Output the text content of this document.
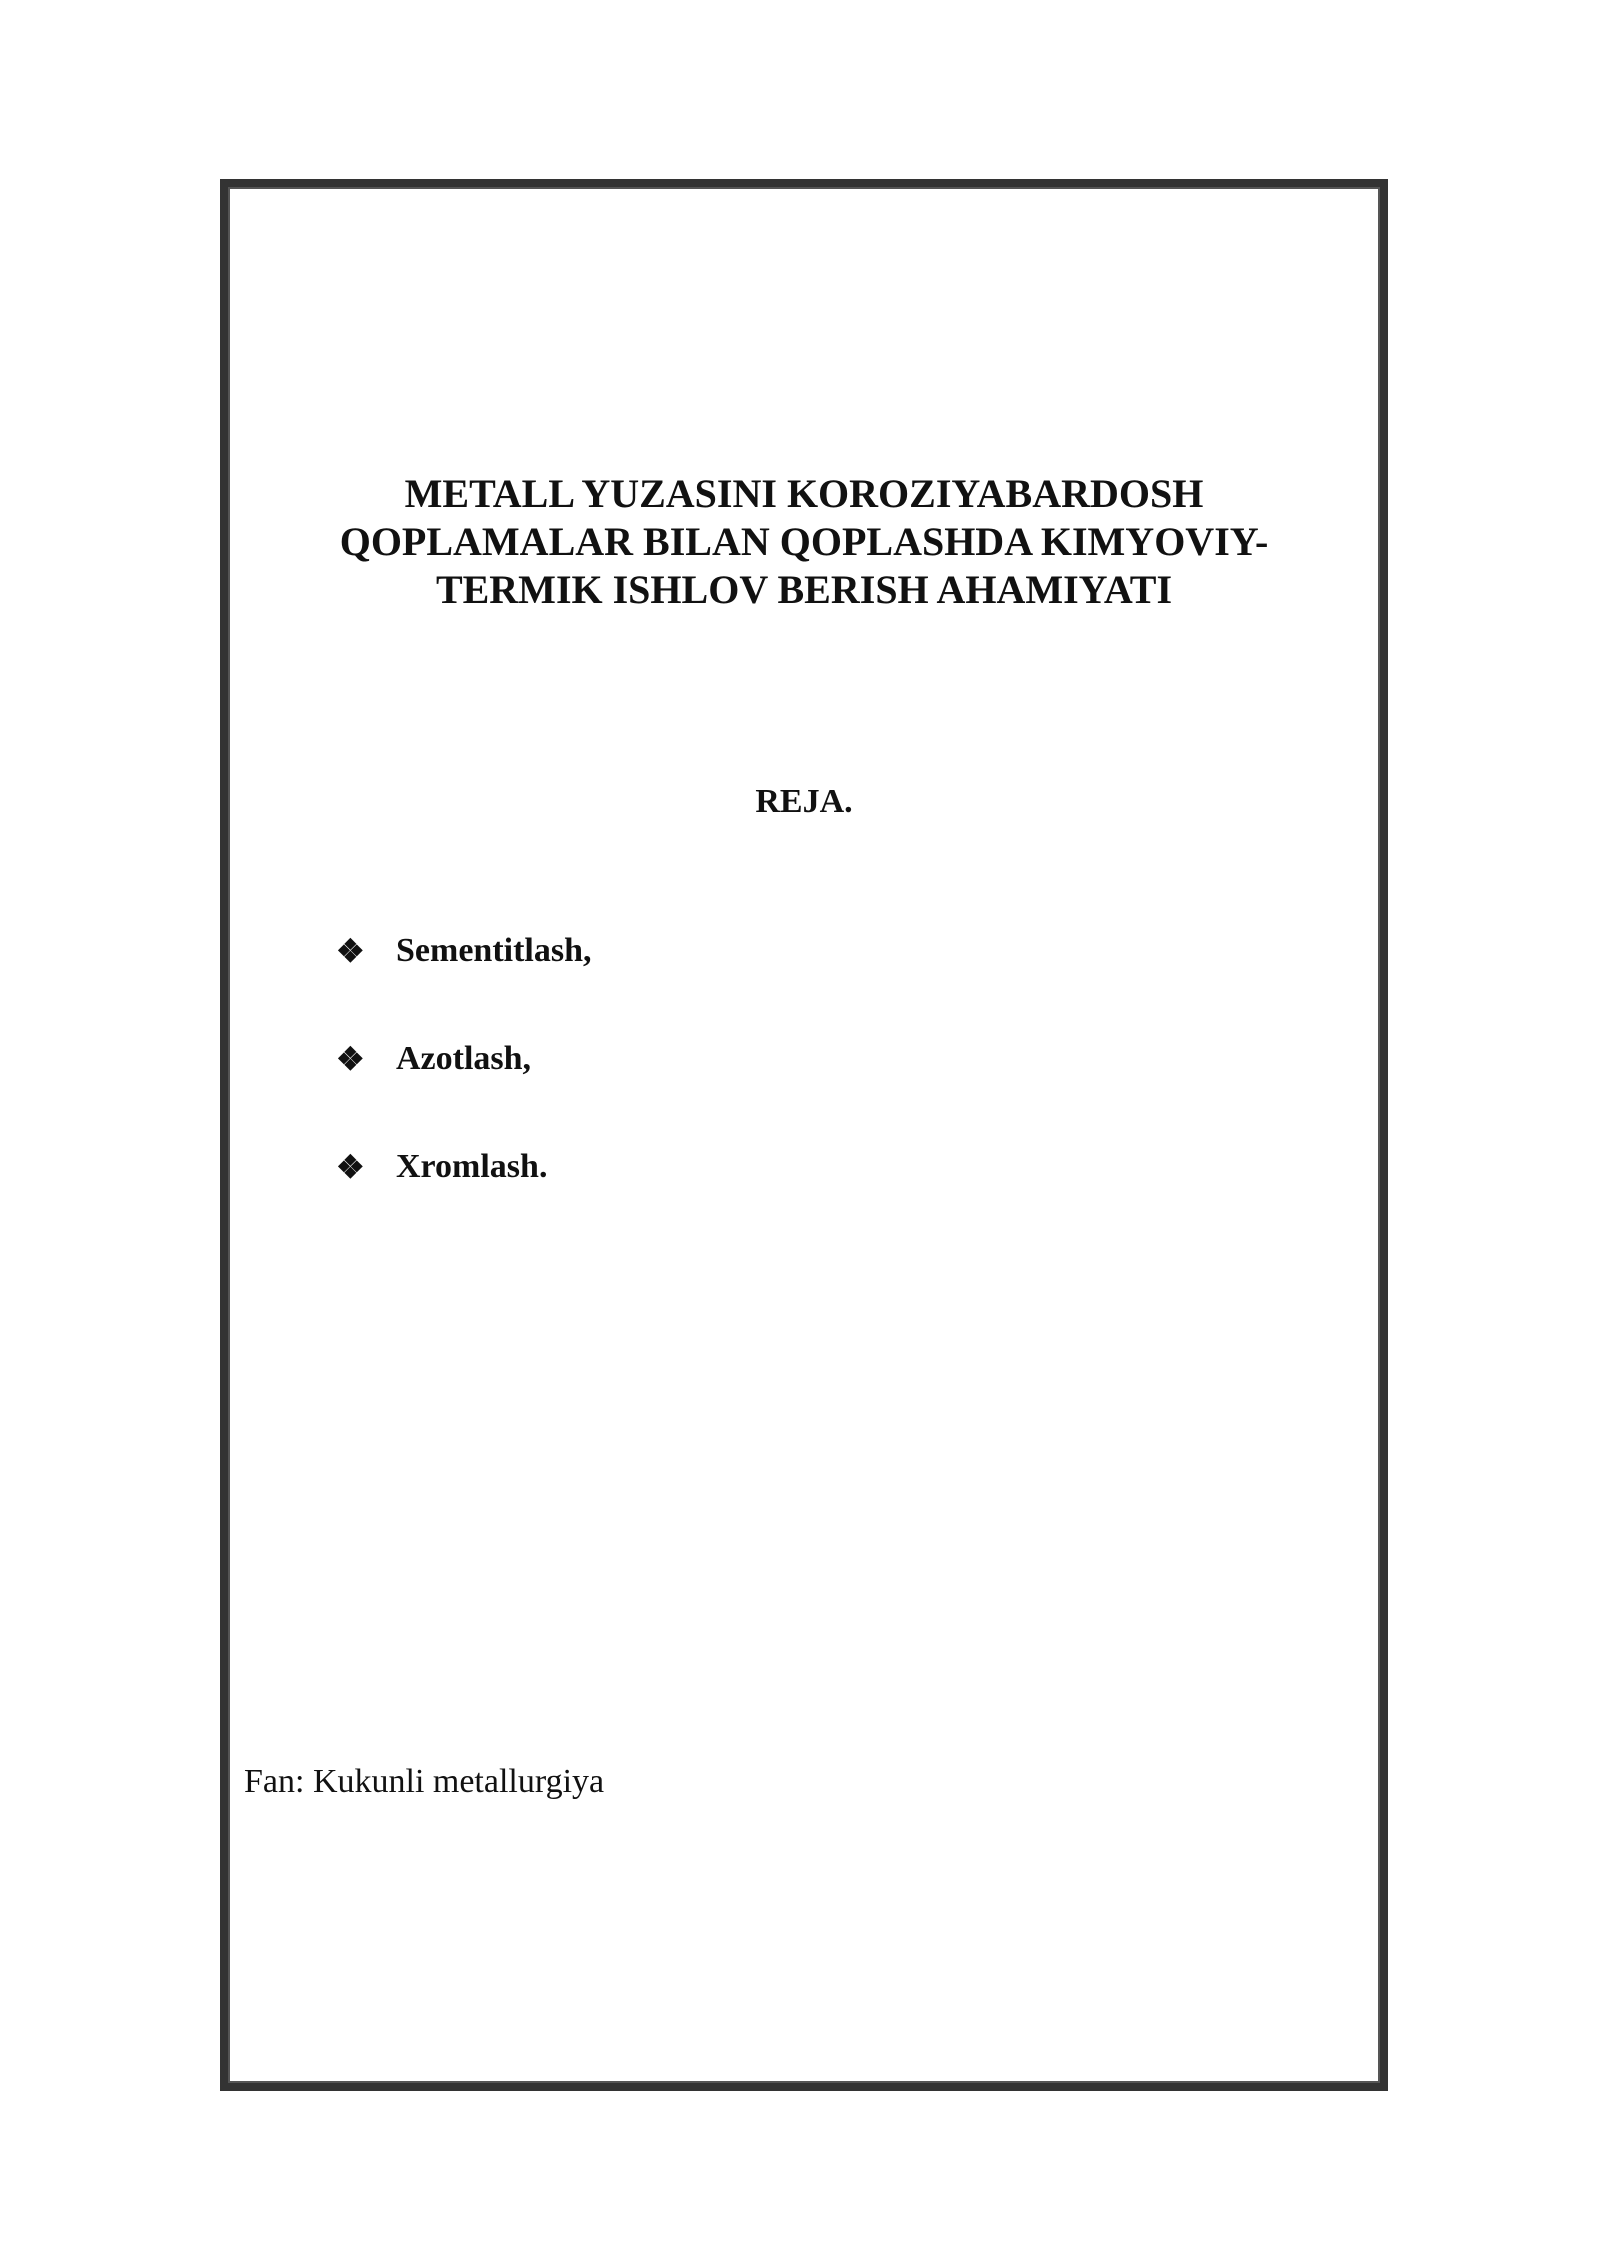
METALL YUZASINI KOROZIYABARDOSH
QOPLAMALAR BILAN QOPLASHDA KIMYOVIY-
TERMIK ISHLOV BERISH AHAMIYATI
REJA.
❖ Sementitlash,
❖ Azotlash,
❖ Xromlash.

Fan: Kukunli metallurgiya
